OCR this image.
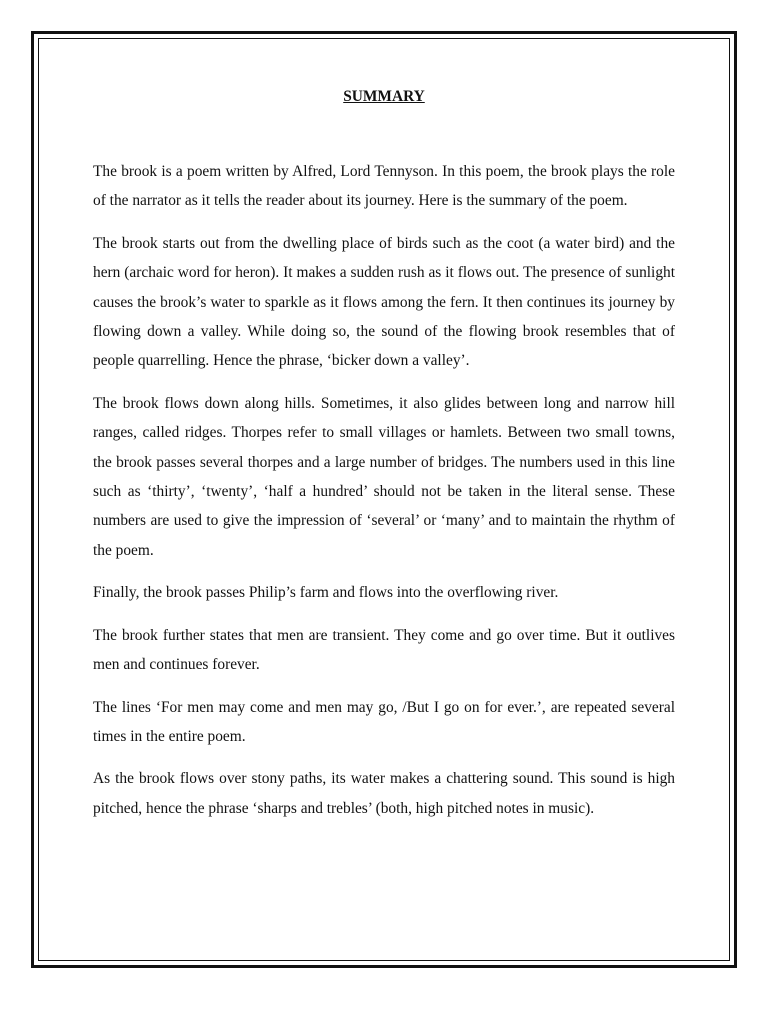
SUMMARY

The brook is a poem written by Alfred, Lord Tennyson. In this poem, the brook plays the role of the narrator as it tells the reader about its journey. Here is the summary of the poem.

The brook starts out from the dwelling place of birds such as the coot (a water bird) and the hern (archaic word for heron). It makes a sudden rush as it flows out. The presence of sunlight causes the brook’s water to sparkle as it flows among the fern. It then continues its journey by flowing down a valley. While doing so, the sound of the flowing brook resembles that of people quarrelling. Hence the phrase, ‘bicker down a valley’.

The brook flows down along hills. Sometimes, it also glides between long and narrow hill ranges, called ridges. Thorpes refer to small villages or hamlets. Between two small towns, the brook passes several thorpes and a large number of bridges. The numbers used in this line such as ‘thirty’, ‘twenty’, ‘half a hundred’ should not be taken in the literal sense. These numbers are used to give the impression of ‘several’ or ‘many’ and to maintain the rhythm of the poem.

Finally, the brook passes Philip’s farm and flows into the overflowing river.

The brook further states that men are transient. They come and go over time. But it outlives men and continues forever.

The lines ‘For men may come and men may go, /But I go on for ever.’, are repeated several times in the entire poem.

As the brook flows over stony paths, its water makes a chattering sound. This sound is high pitched, hence the phrase ‘sharps and trebles’ (both, high pitched notes in music).
